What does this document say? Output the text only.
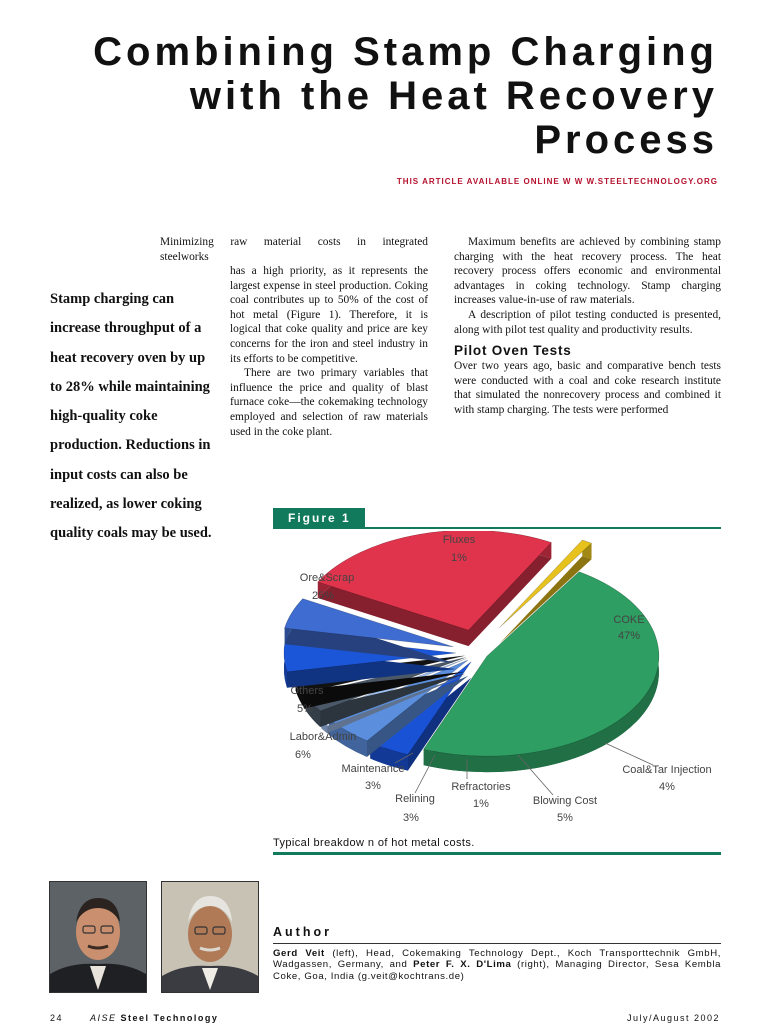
Combining Stamp Charging
with the Heat Recovery
Process
THIS ARTICLE AVAILABLE ONLINE W W W.STEELTECHNOLOGY.ORG
Minimizing raw material costs in integrated
steelworks

Stamp charging can increase throughput of a heat recovery oven by up to 28% while maintaining high-quality coke production. Reductions in input costs can also be realized, as lower coking quality coals may be used.

has a high priority, as it represents the largest expense in steel production. Coking coal contributes up to 50% of the cost of hot metal (Figure 1). Therefore, it is logical that coke quality and price are key concerns for the iron and steel industry in its efforts to be competitive.

There are two primary variables that influence the price and quality of blast furnace coke—the cokemaking technology employed and selection of raw materials used in the coke plant.

Maximum benefits are achieved by combining stamp charging with the heat recovery process. The heat recovery process offers economic and environmental advantages in coking technology. Stamp charging increases value-in-use of raw materials.

A description of pilot testing conducted is presented, along with pilot test quality and productivity results.

Pilot Oven Tests

Over two years ago, basic and comparative bench tests were conducted with a coal and coke research institute that simulated the nonrecovery process and combined it with stamp charging. The tests were performed

Figure 1
COKE
47%
Coal&Tar Injection
4%
Blowing Cost
5%
Refractories
1%
Relining
3%
Maintenance
3%
Labor&Admin
6%
Others
5%
Ore&Scrap
25%
Fluxes
1%
Typical breakdow n of hot metal costs.
Author

Gerd Veit (left), Head, Cokemaking Technology Dept., Koch Transporttechnik GmbH, Wadgassen, Germany, and Peter F. X. D'Lima (right), Managing Director, Sesa Kembla Coke, Goa, India (g.veit@kochtrans.de)

24	AISE Steel Technology	July/August 2002
